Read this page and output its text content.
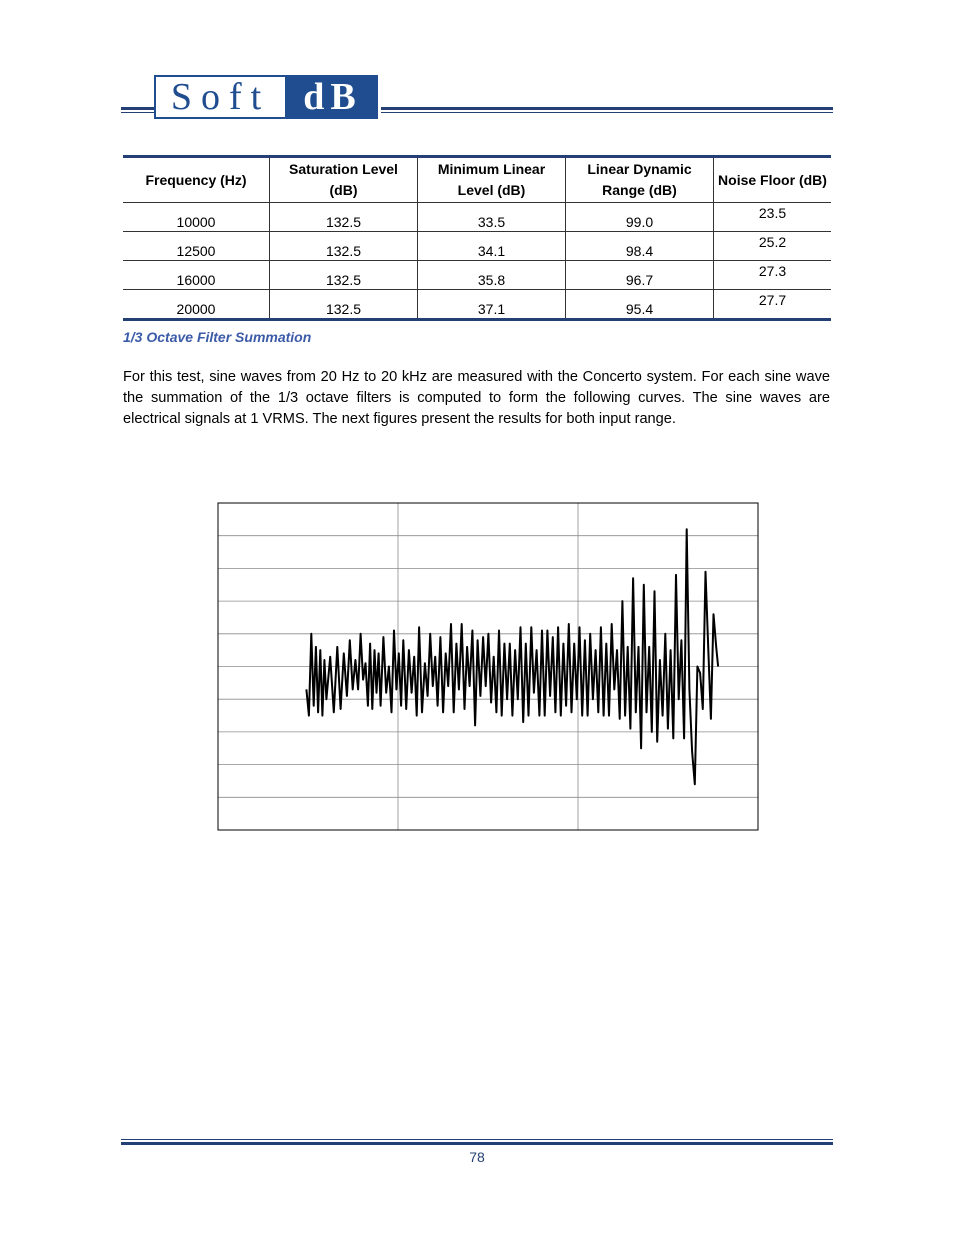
Soft dB
Frequency (Hz)	Saturation Level (dB)	Minimum Linear Level (dB)	Linear Dynamic Range (dB)	Noise Floor (dB)
10000	132.5	33.5	99.0	23.5
12500	132.5	34.1	98.4	25.2
16000	132.5	35.8	96.7	27.3
20000	132.5	37.1	95.4	27.7
1/3 Octave Filter Summation

For this test, sine waves from 20 Hz to 20 kHz are measured with the Concerto system. For each sine wave the summation of the 1/3 octave filters is computed to form the following curves. The sine waves are electrical signals at 1 VRMS. The next figures present the results for both input range.

78
